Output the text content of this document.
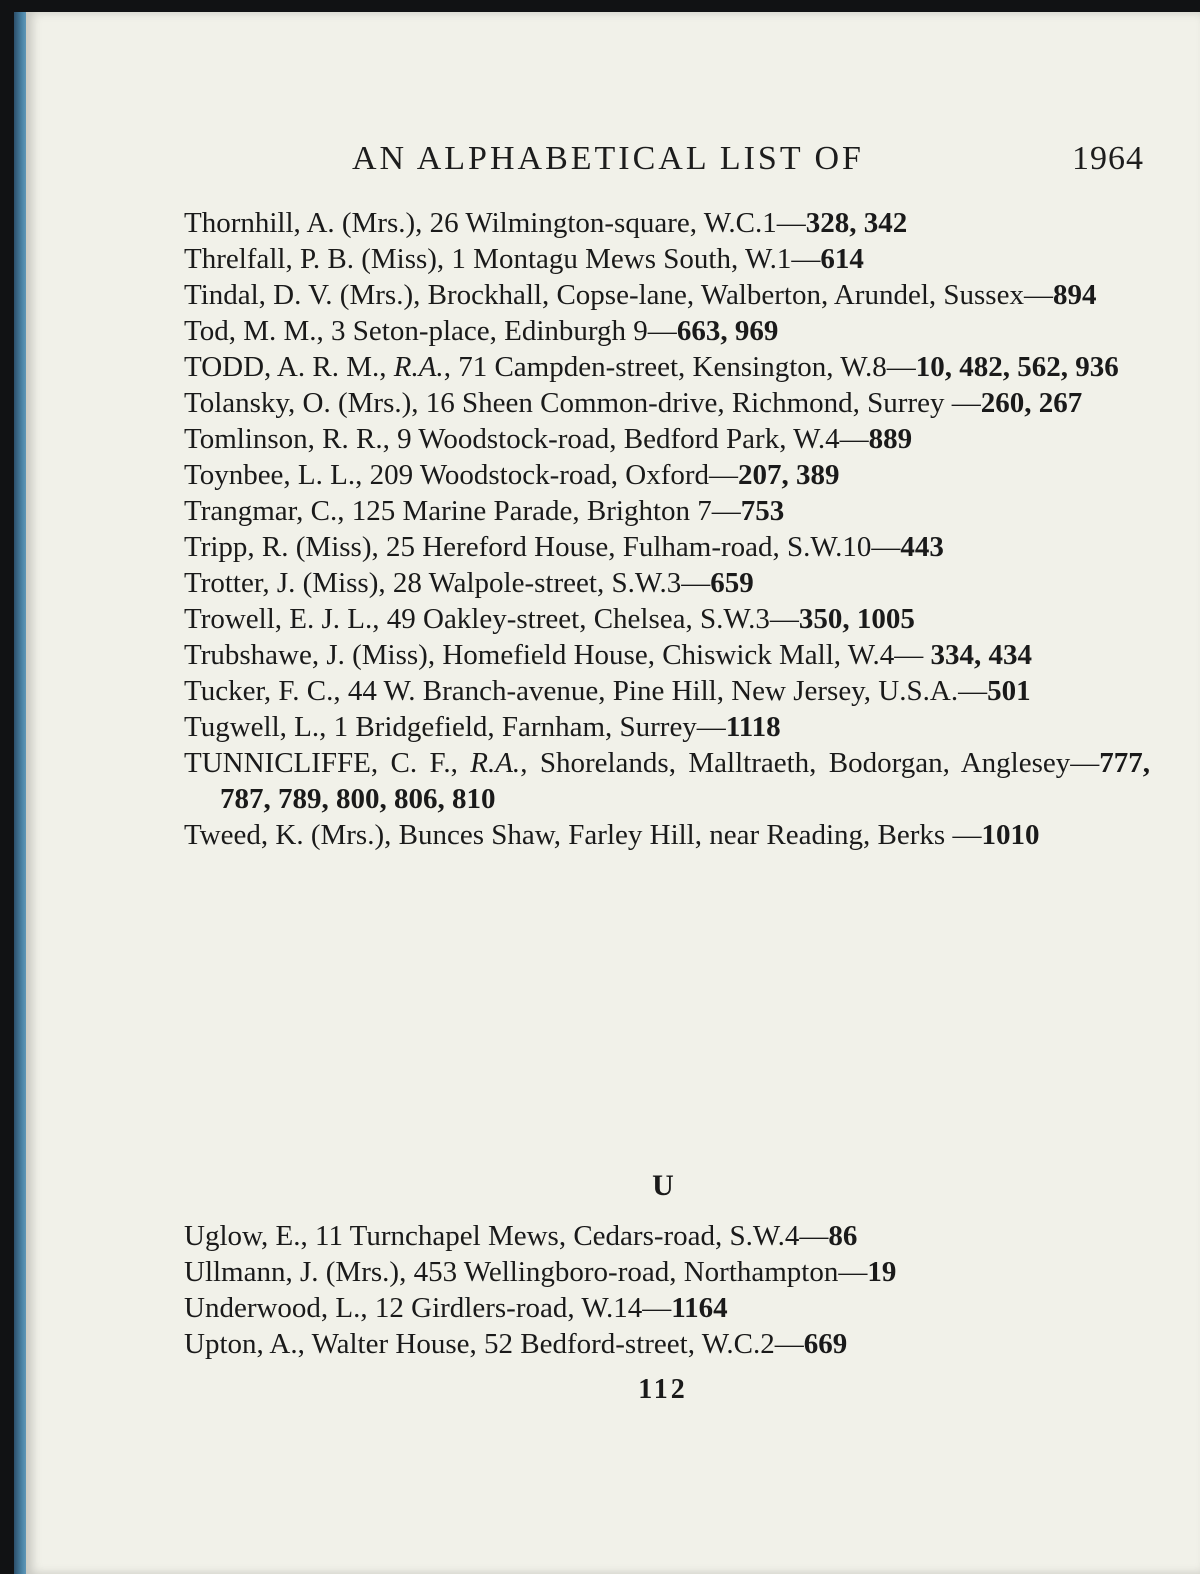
AN ALPHABETICAL LIST OF	1964
Thornhill, A. (Mrs.), 26 Wilmington-square, W.C.1—328, 342
Threlfall, P. B. (Miss), 1 Montagu Mews South, W.1—614
Tindal, D. V. (Mrs.), Brockhall, Copse-lane, Walberton, Arundel, Sussex—894
Tod, M. M., 3 Seton-place, Edinburgh 9—663, 969
TODD, A. R. M., R.A., 71 Campden-street, Kensington, W.8—10, 482, 562, 936
Tolansky, O. (Mrs.), 16 Sheen Common-drive, Richmond, Surrey —260, 267
Tomlinson, R. R., 9 Woodstock-road, Bedford Park, W.4—889
Toynbee, L. L., 209 Woodstock-road, Oxford—207, 389
Trangmar, C., 125 Marine Parade, Brighton 7—753
Tripp, R. (Miss), 25 Hereford House, Fulham-road, S.W.10—443
Trotter, J. (Miss), 28 Walpole-street, S.W.3—659
Trowell, E. J. L., 49 Oakley-street, Chelsea, S.W.3—350, 1005
Trubshawe, J. (Miss), Homefield House, Chiswick Mall, W.4— 334, 434
Tucker, F. C., 44 W. Branch-avenue, Pine Hill, New Jersey, U.S.A.—501
Tugwell, L., 1 Bridgefield, Farnham, Surrey—1118
TUNNICLIFFE, C. F., R.A., Shorelands, Malltraeth, Bodorgan, Anglesey—777, 787, 789, 800, 806, 810
Tweed, K. (Mrs.), Bunces Shaw, Farley Hill, near Reading, Berks —1010
U
Uglow, E., 11 Turnchapel Mews, Cedars-road, S.W.4—86
Ullmann, J. (Mrs.), 453 Wellingboro-road, Northampton—19
Underwood, L., 12 Girdlers-road, W.14—1164
Upton, A., Walter House, 52 Bedford-street, W.C.2—669
112
